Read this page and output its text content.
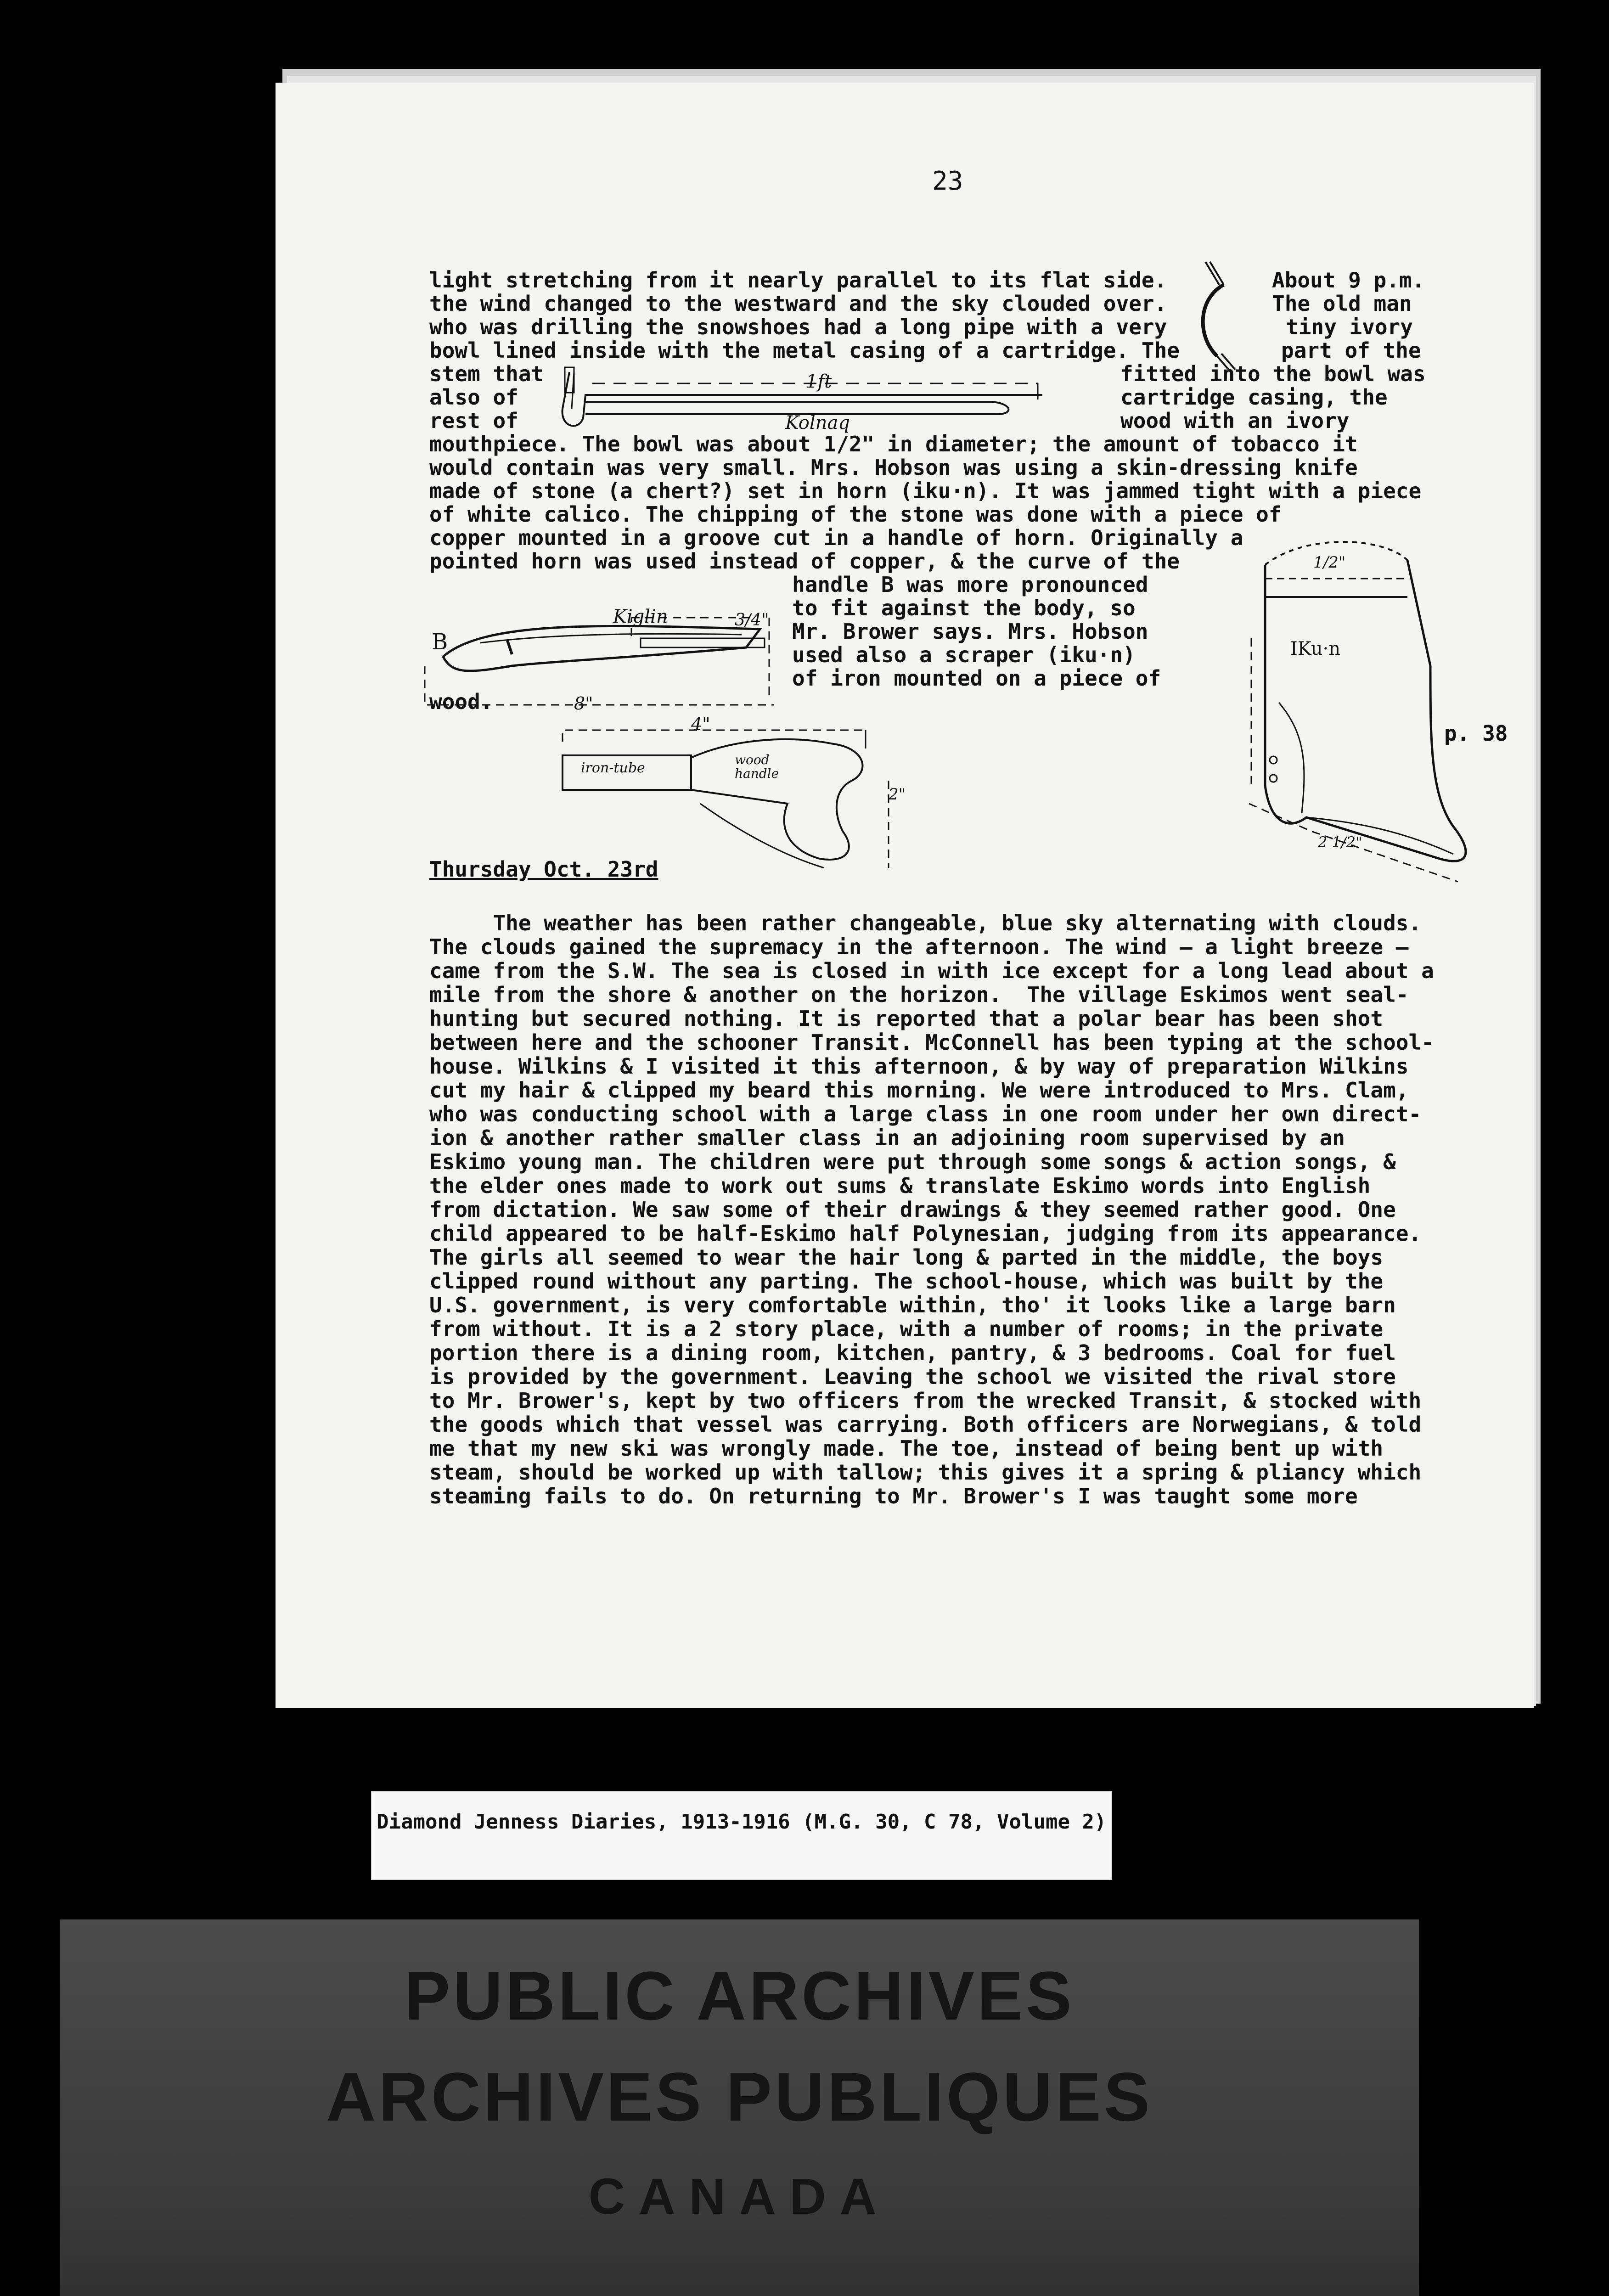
23
light stretching from it nearly parallel to its flat side.
the wind changed to the westward and the sky clouded over.
who was drilling the snowshoes had a long pipe with a very
bowl lined inside with the metal casing of a cartridge. The
stem that
also of
rest of
mouthpiece. The bowl was about 1/2" in diameter; the amount of tobacco it
would contain was very small. Mrs. Hobson was using a skin-dressing knife
made of stone (a chert?) set in horn (iku·n). It was jammed tight with a piece
of white calico. The chipping of the stone was done with a piece of
copper mounted in a groove cut in a handle of horn. Originally a
pointed horn was used instead of copper, & the curve of the
handle B was more pronounced
to fit against the body, so
Mr. Brower says. Mrs. Hobson
used also a scraper (iku·n)
of iron mounted on a piece of
wood.
About 9 p.m.
The old man
tiny ivory
part of the
fitted into the bowl was
cartridge casing, the
wood with an ivory
p. 38
1ft
Kolnaq
B
Kiglin	3/4"
8"
4"
iron-tube
wood handle
2"
1/2"
IKu·n
2 1/2"
Thursday Oct. 23rd
The weather has been rather changeable, blue sky alternating with clouds.
The clouds gained the supremacy in the afternoon. The wind — a light breeze —
came from the S.W. The sea is closed in with ice except for a long lead about a
mile from the shore & another on the horizon.  The village Eskimos went seal-
hunting but secured nothing. It is reported that a polar bear has been shot
between here and the schooner Transit. McConnell has been typing at the school-
house. Wilkins & I visited it this afternoon, & by way of preparation Wilkins
cut my hair & clipped my beard this morning. We were introduced to Mrs. Clam,
who was conducting school with a large class in one room under her own direct-
ion & another rather smaller class in an adjoining room supervised by an
Eskimo young man. The children were put through some songs & action songs, &
the elder ones made to work out sums & translate Eskimo words into English
from dictation. We saw some of their drawings & they seemed rather good. One
child appeared to be half-Eskimo half Polynesian, judging from its appearance.
The girls all seemed to wear the hair long & parted in the middle, the boys
clipped round without any parting. The school-house, which was built by the
U.S. government, is very comfortable within, tho' it looks like a large barn
from without. It is a 2 story place, with a number of rooms; in the private
portion there is a dining room, kitchen, pantry, & 3 bedrooms. Coal for fuel
is provided by the government. Leaving the school we visited the rival store
to Mr. Brower's, kept by two officers from the wrecked Transit, & stocked with
the goods which that vessel was carrying. Both officers are Norwegians, & told
me that my new ski was wrongly made. The toe, instead of being bent up with
steam, should be worked up with tallow; this gives it a spring & pliancy which
steaming fails to do. On returning to Mr. Brower's I was taught some more
Diamond Jenness Diaries, 1913-1916 (M.G. 30, C 78, Volume 2)
PUBLIC ARCHIVES
ARCHIVES PUBLIQUES
CANADA
